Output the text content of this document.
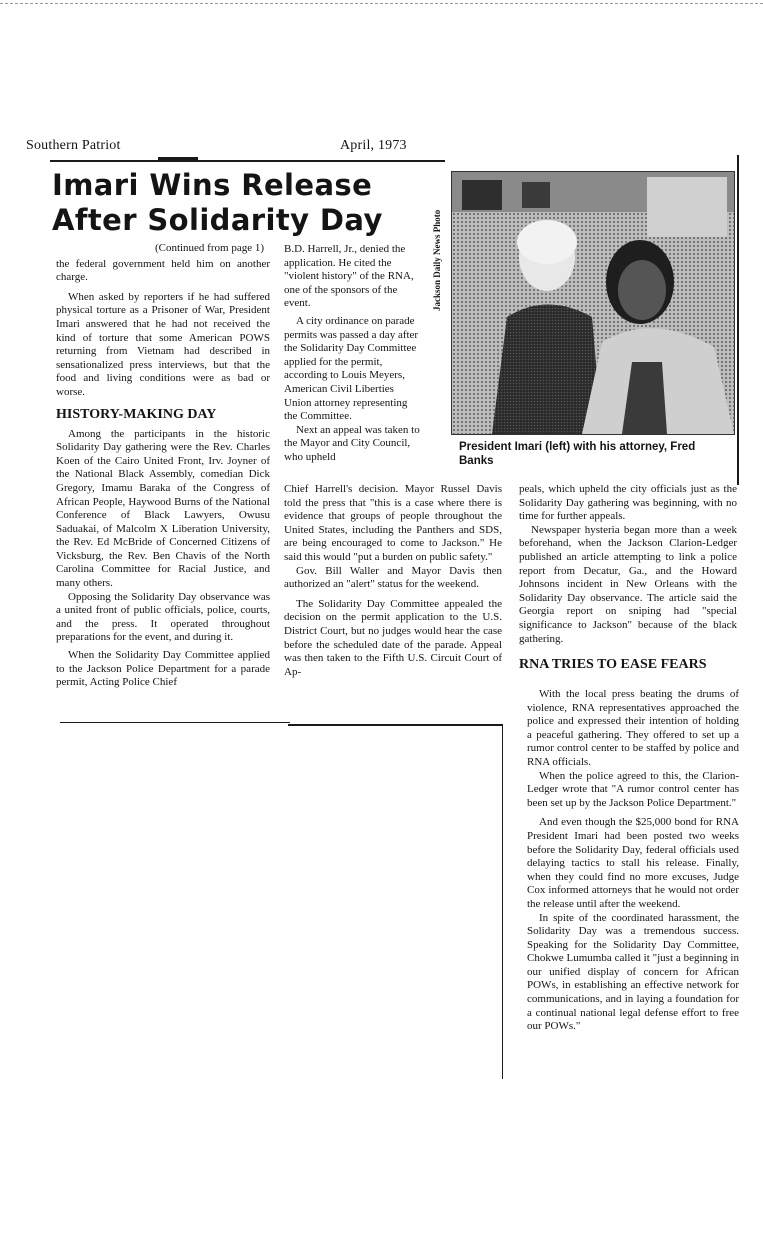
Southern Patriot	April, 1973
Imari Wins Release
After Solidarity Day	Jackson Daily News Photo
President Imari (left) with his attorney, Fred Banks
(Continued from page 1)

the federal government held him on another charge.

When asked by reporters if he had suffered physical torture as a Prisoner of War, President Imari answered that he had not received the kind of torture that some American POWS returning from Vietnam had described in sensationalized press interviews, but that the food and living conditions were as bad or worse.

HISTORY-MAKING DAY

Among the participants in the historic Solidarity Day gathering were the Rev. Charles Koen of the Cairo United Front, Irv. Joyner of the National Black Assembly, comedian Dick Gregory, Imamu Baraka of the Congress of African People, Haywood Burns of the National Conference of Black Lawyers, Owusu Saduakai, of Malcolm X Liberation University, the Rev. Ed McBride of Concerned Citizens of Vicksburg, the Rev. Ben Chavis of the North Carolina Committee for Racial Justice, and many others.

Opposing the Solidarity Day observance was a united front of public officials, police, courts, and the press. It operated throughout preparations for the event, and during it.

When the Solidarity Day Committee applied to the Jackson Police Department for a parade permit, Acting Police Chief

B.D. Harrell, Jr., denied the application. He cited the "violent history" of the RNA, one of the sponsors of the event.

A city ordinance on parade permits was passed a day after the Solidarity Day Committee applied for the permit, according to Louis Meyers, American Civil Liberties Union attorney representing the Committee.

Next an appeal was taken to the Mayor and City Council, who upheld

Chief Harrell's decision. Mayor Russel Davis told the press that "this is a case where there is evidence that groups of people throughout the United States, including the Panthers and SDS, are being encouraged to come to Jackson." He said this would "put a burden on public safety."

Gov. Bill Waller and Mayor Davis then authorized an "alert" status for the weekend.

The Solidarity Day Committee appealed the decision on the permit application to the U.S. District Court, but no judges would hear the case before the scheduled date of the parade. Appeal was then taken to the Fifth U.S. Circuit Court of Ap-

peals, which upheld the city officials just as the Solidarity Day gathering was beginning, with no time for further appeals.

Newspaper hysteria began more than a week beforehand, when the Jackson Clarion-Ledger published an article attempting to link a police report from Decatur, Ga., and the Howard Johnsons incident in New Orleans with the Solidarity Day observance. The article said the Georgia report on sniping had "special significance to Jackson" because of the black gathering.

RNA TRIES TO EASE FEARS

With the local press beating the drums of violence, RNA representatives approached the police and expressed their intention of holding a peaceful gathering. They offered to set up a rumor control center to be staffed by police and RNA officials.

When the police agreed to this, the Clarion-Ledger wrote that "A rumor control center has been set up by the Jackson Police Department."

And even though the $25,000 bond for RNA President Imari had been posted two weeks before the Solidarity Day, federal officials used delaying tactics to stall his release. Finally, when they could find no more excuses, Judge Cox informed attorneys that he would not order the release until after the weekend.

In spite of the coordinated harassment, the Solidarity Day was a tremendous success. Speaking for the Solidarity Day Committee, Chokwe Lumumba called it "just a beginning in our unified display of concern for African POWs, in establishing an effective network for communications, and in laying a foundation for a continual national legal defense effort to free our POWs."
